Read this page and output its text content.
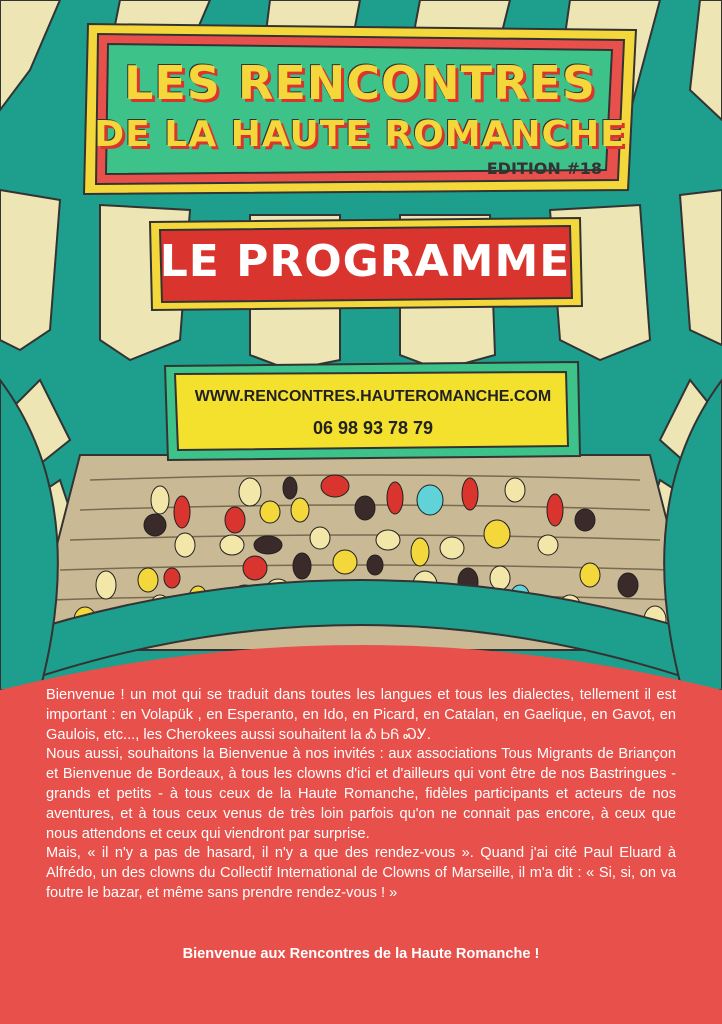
LES RENCONTRES
DE LA HAUTE ROMANCHE
EDITION #18
LE PROGRAMME
WWW.RENCONTRES.HAUTEROMANCHE.COM
06 98 93 78 79

Bienvenue ! un mot qui se traduit dans toutes les langues et tous les dialectes, tellement il est important : en Volapük , en Esperanto, en Ido, en Picard, en Catalan, en Gaelique, en Gavot, en Gaulois, etc..., les Cherokees aussi souhaitent la Ꭳ ᏏᏲ ᏍᎩ.

Nous aussi, souhaitons la Bienvenue à nos invités : aux associations Tous Migrants de Briançon et Bienvenue de Bordeaux, à tous les clowns d'ici et d'ailleurs qui vont être de nos Bastringues - grands et petits - à tous ceux de la Haute Romanche, fidèles participants et acteurs de nos aventures, et à tous ceux venus de très loin parfois qu'on ne connait pas encore, à ceux que nous attendons et ceux qui viendront par surprise.

Mais, « il n'y a pas de hasard, il n'y a que des rendez-vous ». Quand j'ai cité Paul Eluard à Alfrédo, un des clowns du Collectif International de Clowns of Marseille, il m'a dit : « Si, si, on va foutre le bazar, et même sans prendre rendez-vous ! »

Bienvenue aux Rencontres de la Haute Romanche !
